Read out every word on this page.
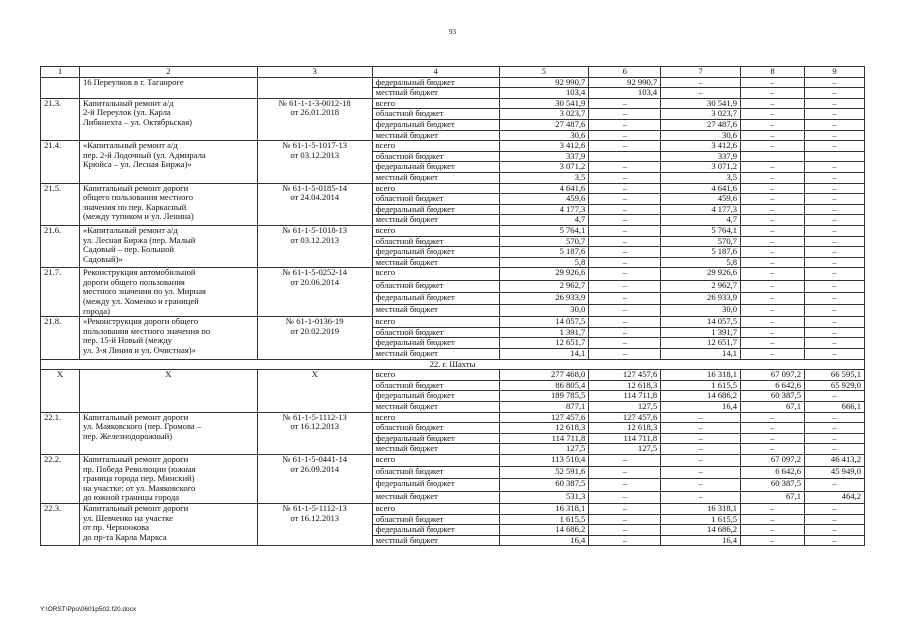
93
1	2	3	4	5	6	7	8	9
	16 Переулков в г. Таганроге		федеральный бюджет	92 990,7	92 990,7	–	–	–
			местный бюджет	103,4	103,4	–	–	–
21.3.	Капитальный ремонт а/д
2-й Переулок (ул. Карла
Либкнехта – ул. Октябрьская)	№ 61-1-1-3-0012-18
от 26.01.2018	всего	30 541,9	–	30 541,9	–	–
			областной бюджет	3 023,7	–	3 023,7	–	–
			федеральный бюджет	27 487,6	–	27 487,6	–	–
			местный бюджет	30,6	–	30,6	–	–
21.4.	«Капитальный ремонт а/д
пер. 2-й Лодочный (ул. Адмирала
Крюйса – ул. Лесная Биржа)»	№ 61-1-5-1017-13
от 03.12.2013	всего	3 412,6	–	3 412,6	–	–
			областной бюджет	337,9		337,9		
			федеральный бюджет	3 071,2	–	3 071,2	–	–
			местный бюджет	3,5	–	3,5	–	–
21.5.	Капитальный ремонт дороги
общего пользования местного
значения по пер. Каркасный
(между тупиком и ул. Ленина)	№ 61-1-5-0185-14
от 24.04.2014	всего	4 641,6	–	4 641,6	–	–
			областной бюджет	459,6	–	459,6	–	–
			федеральный бюджет	4 177,3	–	4 177,3	–	–
			местный бюджет	4,7	–	4,7	–	–
21.6.	«Капитальный ремонт а/д
ул. Лесная Биржа (пер. Малый
Садовый – пер. Большой
Садовый)»	№ 61-1-5-1018-13
от 03.12.2013	всего	5 764,1	–	5 764,1	–	–
			областной бюджет	570,7	–	570,7	–	–
			федеральный бюджет	5 187,6	–	5 187,6	–	–
			местный бюджет	5,8	–	5,8	–	–
21.7.	Реконструкция автомобильной
дороги общего пользования
местного значения по ул. Мирная
(между ул. Хоменко и границей
города)	№ 61-1-5-0252-14
от 20.06.2014	всего	29 926,6	–	29 926,6	–	–
			областной бюджет	2 962,7	–	2 962,7	–	–
			федеральный бюджет	26 933,9	–	26 933,9	–	–
			местный бюджет	30,0	–	30,0	–	–
21.8.	«Реконструкция дороги общего
пользования местного значения по
пер. 15-й Новый (между
ул. 3-я Линия и ул. Очистная)»	№ 61-1-0136-19
от 20.02.2019	всего	14 057,5	–	14 057,5	–	–
			областной бюджет	1 391,7	–	1 391,7	–	–
			федеральный бюджет	12 651,7	–	12 651,7	–	–
			местный бюджет	14,1	–	14,1	–	–
22. г. Шахты								
Х	Х	Х	всего	277 468,0	127 457,6	16 318,1	67 097,2	66 595,1
			областной бюджет	86 805,4	12 618,3	1 615,5	6 642,6	65 929,0
			федеральный бюджет	189 785,5	114 711,8	14 686,2	60 387,5	–
			местный бюджет	877,1	127,5	16,4	67,1	666,1
22.1.	Капитальный ремонт дороги
ул. Маяковского (пер. Громова –
пер. Железнодорожный)	№ 61-1-5-1112-13
от 16.12.2013	всего	127 457,6	127 457,6	–	–	–
			областной бюджет	12 618,3	12 618,3	–	–	–
			федеральный бюджет	114 711,8	114 711,8	–	–	–
			местный бюджет	127,5	127,5	–	–	–
22.2.	Капитальный ремонт дороги
пр. Победа Революции (южная
граница города пер. Минский)
на участке: от ул. Маяковского
до южной границы города	№ 61-1-5-0441-14
от 26.09.2014	всего	113 510,4	–	–	67 097,2	46 413,2
			областной бюджет	52 591,6	–	–	6 642,6	45 949,0
			федеральный бюджет	60 387,5	–	–	60 387,5	–
			местный бюджет	531,3	–	–	67,1	464,2
22.3.	Капитальный ремонт дороги
ул. Шевченко на участке
от пр. Черноокова
до пр-та Карла Маркса	№ 61-1-5-1112-13
от 16.12.2013	всего	16 318,1	–	16 318,1	–	–
			областной бюджет	1 615,5	–	1 615,5	–	–
			федеральный бюджет	14 686,2	–	14 686,2	–	–
			местный бюджет	16,4	–	16,4	–	–
Y:\ORST\Ppo\0601p502.f20.docx
